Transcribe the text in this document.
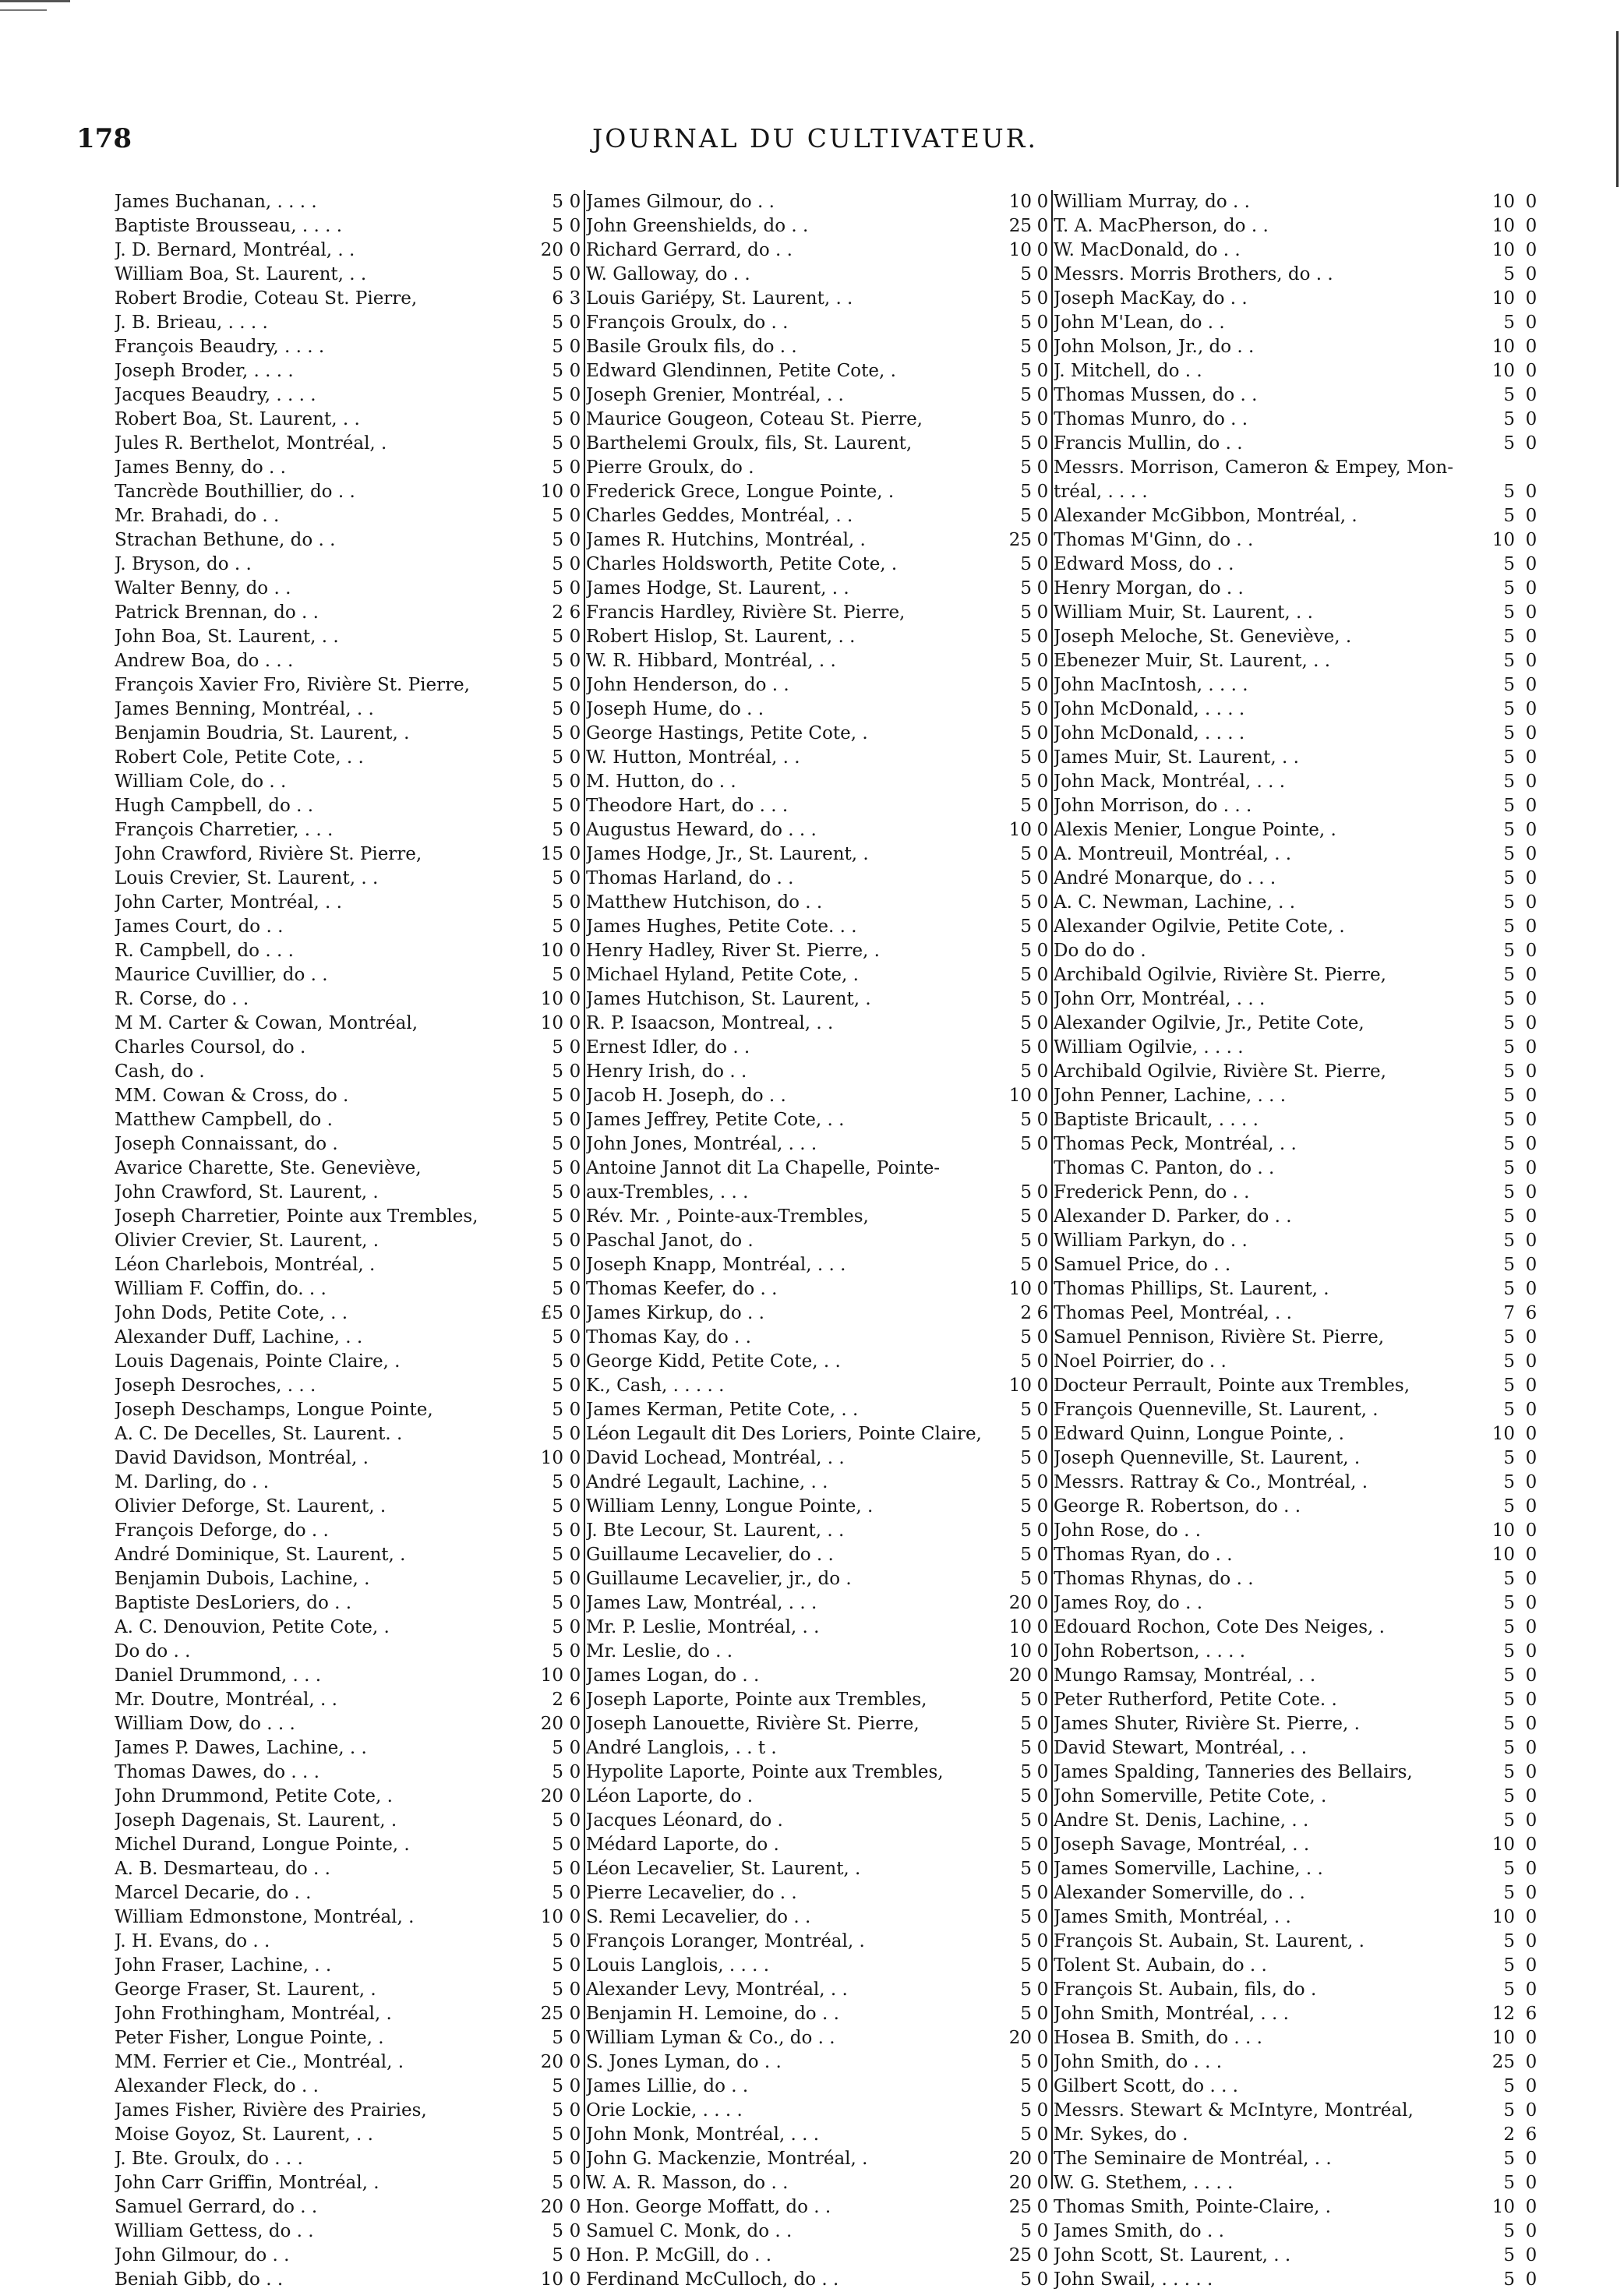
178	JOURNAL DU CULTIVATEUR.
James Buchanan, . . . .	5 0
Baptiste Brousseau, . . . .	5 0
J. D. Bernard, Montréal, . .	20 0
William Boa, St. Laurent, . .	5 0
Robert Brodie, Coteau St. Pierre,	6 3
J. B. Brieau, . . . .	5 0
François Beaudry, . . . .	5 0
Joseph Broder, . . . .	5 0
Jacques Beaudry, . . . .	5 0
Robert Boa, St. Laurent, . .	5 0
Jules R. Berthelot, Montréal, .	5 0
James Benny, do . .	5 0
Tancrède Bouthillier, do . .	10 0
Mr. Brahadi, do . .	5 0
Strachan Bethune, do . .	5 0
J. Bryson, do . .	5 0
Walter Benny, do . .	5 0
Patrick Brennan, do . .	2 6
John Boa, St. Laurent, . .	5 0
Andrew Boa, do . . .	5 0
François Xavier Fro, Rivière St. Pierre,	5 0
James Benning, Montréal, . .	5 0
Benjamin Boudria, St. Laurent, .	5 0
Robert Cole, Petite Cote, . .	5 0
William Cole, do . .	5 0
Hugh Campbell, do . .	5 0
François Charretier, . . .	5 0
John Crawford, Rivière St. Pierre,	15 0
Louis Crevier, St. Laurent, . .	5 0
John Carter, Montréal, . .	5 0
James Court, do . .	5 0
R. Campbell, do . . .	10 0
Maurice Cuvillier, do . .	5 0
R. Corse, do . .	10 0
M M. Carter & Cowan, Montréal,	10 0
Charles Coursol, do .	5 0
Cash, do .	5 0
MM. Cowan & Cross, do .	5 0
Matthew Campbell, do .	5 0
Joseph Connaissant, do .	5 0
Avarice Charette, Ste. Geneviève,	5 0
John Crawford, St. Laurent, .	5 0
Joseph Charretier, Pointe aux Trembles,	5 0
Olivier Crevier, St. Laurent, .	5 0
Léon Charlebois, Montréal, .	5 0
William F. Coffin, do. . .	5 0
John Dods, Petite Cote, . .	£5 0
Alexander Duff, Lachine, . .	5 0
Louis Dagenais, Pointe Claire, .	5 0
Joseph Desroches, . . .	5 0
Joseph Deschamps, Longue Pointe,	5 0
A. C. De Decelles, St. Laurent. .	5 0
David Davidson, Montréal, .	10 0
M. Darling, do . .	5 0
Olivier Deforge, St. Laurent, .	5 0
François Deforge, do . .	5 0
André Dominique, St. Laurent, .	5 0
Benjamin Dubois, Lachine, .	5 0
Baptiste DesLoriers, do . .	5 0
A. C. Denouvion, Petite Cote, .	5 0
Do do . .	5 0
Daniel Drummond, . . .	10 0
Mr. Doutre, Montréal, . .	2 6
William Dow, do . . .	20 0
James P. Dawes, Lachine, . .	5 0
Thomas Dawes, do . . .	5 0
John Drummond, Petite Cote, .	20 0
Joseph Dagenais, St. Laurent, .	5 0
Michel Durand, Longue Pointe, .	5 0
A. B. Desmarteau, do . .	5 0
Marcel Decarie, do . .	5 0
William Edmonstone, Montréal, .	10 0
J. H. Evans, do . .	5 0
John Fraser, Lachine, . .	5 0
George Fraser, St. Laurent, .	5 0
John Frothingham, Montréal, .	25 0
Peter Fisher, Longue Pointe, .	5 0
MM. Ferrier et Cie., Montréal, .	20 0
Alexander Fleck, do . .	5 0
James Fisher, Rivière des Prairies,	5 0
Moise Goyoz, St. Laurent, . .	5 0
J. Bte. Groulx, do . . .	5 0
John Carr Griffin, Montréal, .	5 0
Samuel Gerrard, do . .	20 0
William Gettess, do . .	5 0
John Gilmour, do . .	5 0
Beniah Gibb, do . .	10 0
James Gilmour, do . .	10 0
John Greenshields, do . .	25 0
Richard Gerrard, do . .	10 0
W. Galloway, do . .	5 0
Louis Gariépy, St. Laurent, . .	5 0
François Groulx, do . .	5 0
Basile Groulx fils, do . .	5 0
Edward Glendinnen, Petite Cote, .	5 0
Joseph Grenier, Montréal, . .	5 0
Maurice Gougeon, Coteau St. Pierre,	5 0
Barthelemi Groulx, fils, St. Laurent,	5 0
Pierre Groulx, do .	5 0
Frederick Grece, Longue Pointe, .	5 0
Charles Geddes, Montréal, . .	5 0
James R. Hutchins, Montréal, .	25 0
Charles Holdsworth, Petite Cote, .	5 0
James Hodge, St. Laurent, . .	5 0
Francis Hardley, Rivière St. Pierre,	5 0
Robert Hislop, St. Laurent, . .	5 0
W. R. Hibbard, Montréal, . .	5 0
John Henderson, do . .	5 0
Joseph Hume, do . .	5 0
George Hastings, Petite Cote, .	5 0
W. Hutton, Montréal, . .	5 0
M. Hutton, do . .	5 0
Theodore Hart, do . . .	5 0
Augustus Heward, do . . .	10 0
James Hodge, Jr., St. Laurent, .	5 0
Thomas Harland, do . .	5 0
Matthew Hutchison, do . .	5 0
James Hughes, Petite Cote. . .	5 0
Henry Hadley, River St. Pierre, .	5 0
Michael Hyland, Petite Cote, .	5 0
James Hutchison, St. Laurent, .	5 0
R. P. Isaacson, Montreal, . .	5 0
Ernest Idler, do . .	5 0
Henry Irish, do . .	5 0
Jacob H. Joseph, do . .	10 0
James Jeffrey, Petite Cote, . .	5 0
John Jones, Montréal, . . .	5 0
Antoine Jannot dit La Chapelle, Pointe-
aux-Trembles, . . .	5 0
Rév. Mr. , Pointe-aux-Trembles,	5 0
Paschal Janot, do .	5 0
Joseph Knapp, Montréal, . . .	5 0
Thomas Keefer, do . .	10 0
James Kirkup, do . .	2 6
Thomas Kay, do . .	5 0
George Kidd, Petite Cote, . .	5 0
K., Cash, . . . . .	10 0
James Kerman, Petite Cote, . .	5 0
Léon Legault dit Des Loriers, Pointe Claire,	5 0
David Lochead, Montréal, . .	5 0
André Legault, Lachine, . .	5 0
William Lenny, Longue Pointe, .	5 0
J. Bte Lecour, St. Laurent, . .	5 0
Guillaume Lecavelier, do . .	5 0
Guillaume Lecavelier, jr., do .	5 0
James Law, Montréal, . . .	20 0
Mr. P. Leslie, Montréal, . .	10 0
Mr. Leslie, do . .	10 0
James Logan, do . .	20 0
Joseph Laporte, Pointe aux Trembles,	5 0
Joseph Lanouette, Rivière St. Pierre,	5 0
André Langlois, . . t .	5 0
Hypolite Laporte, Pointe aux Trembles,	5 0
Léon Laporte, do .	5 0
Jacques Léonard, do .	5 0
Médard Laporte, do .	5 0
Léon Lecavelier, St. Laurent, .	5 0
Pierre Lecavelier, do . .	5 0
S. Remi Lecavelier, do . .	5 0
François Loranger, Montréal, .	5 0
Louis Langlois, . . . .	5 0
Alexander Levy, Montréal, . .	5 0
Benjamin H. Lemoine, do . .	5 0
William Lyman & Co., do . .	20 0
S. Jones Lyman, do . .	5 0
James Lillie, do . .	5 0
Orie Lockie, . . . .	5 0
John Monk, Montréal, . . .	5 0
John G. Mackenzie, Montréal, .	20 0
W. A. R. Masson, do . .	20 0
Hon. George Moffatt, do . .	25 0
Samuel C. Monk, do . .	5 0
Hon. P. McGill, do . .	25 0
Ferdinand McCulloch, do . .	5 0
William Murray, do . .	10 0
T. A. MacPherson, do . .	10 0
W. MacDonald, do . .	10 0
Messrs. Morris Brothers, do . .	5 0
Joseph MacKay, do . .	10 0
John M'Lean, do . .	5 0
John Molson, Jr., do . .	10 0
J. Mitchell, do . .	10 0
Thomas Mussen, do . .	5 0
Thomas Munro, do . .	5 0
Francis Mullin, do . .	5 0
Messrs. Morrison, Cameron & Empey, Mon-
tréal, . . . .	5 0
Alexander McGibbon, Montréal, .	5 0
Thomas M'Ginn, do . .	10 0
Edward Moss, do . .	5 0
Henry Morgan, do . .	5 0
William Muir, St. Laurent, . .	5 0
Joseph Meloche, St. Geneviève, .	5 0
Ebenezer Muir, St. Laurent, . .	5 0
John MacIntosh, . . . .	5 0
John McDonald, . . . .	5 0
John McDonald, . . . .	5 0
James Muir, St. Laurent, . .	5 0
John Mack, Montréal, . . .	5 0
John Morrison, do . . .	5 0
Alexis Menier, Longue Pointe, .	5 0
A. Montreuil, Montréal, . .	5 0
André Monarque, do . . .	5 0
A. C. Newman, Lachine, . .	5 0
Alexander Ogilvie, Petite Cote, .	5 0
Do do do .	5 0
Archibald Ogilvie, Rivière St. Pierre,	5 0
John Orr, Montréal, . . .	5 0
Alexander Ogilvie, Jr., Petite Cote,	5 0
William Ogilvie, . . . .	5 0
Archibald Ogilvie, Rivière St. Pierre,	5 0
John Penner, Lachine, . . .	5 0
Baptiste Bricault, . . . .	5 0
Thomas Peck, Montréal, . .	5 0
Thomas C. Panton, do . .	5 0
Frederick Penn, do . .	5 0
Alexander D. Parker, do . .	5 0
William Parkyn, do . .	5 0
Samuel Price, do . .	5 0
Thomas Phillips, St. Laurent, .	5 0
Thomas Peel, Montréal, . .	7 6
Samuel Pennison, Rivière St. Pierre,	5 0
Noel Poirrier, do . .	5 0
Docteur Perrault, Pointe aux Trembles,	5 0
François Quenneville, St. Laurent, .	5 0
Edward Quinn, Longue Pointe, .	10 0
Joseph Quenneville, St. Laurent, .	5 0
Messrs. Rattray & Co., Montréal, .	5 0
George R. Robertson, do . .	5 0
John Rose, do . .	10 0
Thomas Ryan, do . .	10 0
Thomas Rhynas, do . .	5 0
James Roy, do . .	5 0
Edouard Rochon, Cote Des Neiges, .	5 0
John Robertson, . . . .	5 0
Mungo Ramsay, Montréal, . .	5 0
Peter Rutherford, Petite Cote. .	5 0
James Shuter, Rivière St. Pierre, .	5 0
David Stewart, Montréal, . .	5 0
James Spalding, Tanneries des Bellairs,	5 0
John Somerville, Petite Cote, .	5 0
Andre St. Denis, Lachine, . .	5 0
Joseph Savage, Montréal, . .	10 0
James Somerville, Lachine, . .	5 0
Alexander Somerville, do . .	5 0
James Smith, Montréal, . .	10 0
François St. Aubain, St. Laurent, .	5 0
Tolent St. Aubain, do . .	5 0
François St. Aubain, fils, do .	5 0
John Smith, Montréal, . . .	12 6
Hosea B. Smith, do . . .	10 0
John Smith, do . . .	25 0
Gilbert Scott, do . . .	5 0
Messrs. Stewart & McIntyre, Montréal,	5 0
Mr. Sykes, do .	2 6
The Seminaire de Montréal, . .	5 0
W. G. Stethem, . . . .	5 0
Thomas Smith, Pointe-Claire, .	10 0
James Smith, do . .	5 0
John Scott, St. Laurent, . .	5 0
John Swail, . . . . .	5 0
